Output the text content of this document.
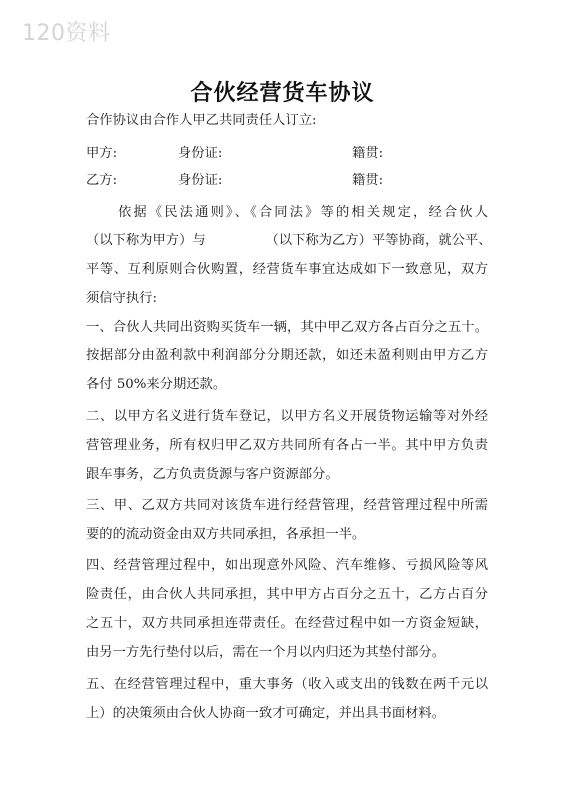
120资料
合伙经营货车协议
合作协议由合作人甲乙共同责任人订立:
甲方:	身份证:	籍贯:
乙方:	身份证:	籍贯:
依据《民法通则》、《合同法》等的相关规定，经合伙人
（以下称为甲方）与　　　　　（以下称为乙方）平等协商，就公平、
平等、互利原则合伙购置，经营货车事宜达成如下一致意见，双方
须信守执行:
一、合伙人共同出资购买货车一辆，其中甲乙双方各占百分之五十。
按据部分由盈利款中利润部分分期还款，如还未盈利则由甲方乙方
各付 50%来分期还款。
二、以甲方名义进行货车登记，以甲方名义开展货物运输等对外经
营管理业务，所有权归甲乙双方共同所有各占一半。其中甲方负责
跟车事务，乙方负责货源与客户资源部分。
三、甲、乙双方共同对该货车进行经营管理，经营管理过程中所需
要的的流动资金由双方共同承担，各承担一半。
四、经营管理过程中，如出现意外风险、汽车维修、亏损风险等风
险责任，由合伙人共同承担，其中甲方占百分之五十，乙方占百分
之五十，双方共同承担连带责任。在经营过程中如一方资金短缺，
由另一方先行垫付以后，需在一个月以内归还为其垫付部分。
五、在经营管理过程中，重大事务（收入或支出的钱数在两千元以
上）的决策须由合伙人协商一致才可确定，并出具书面材料。
